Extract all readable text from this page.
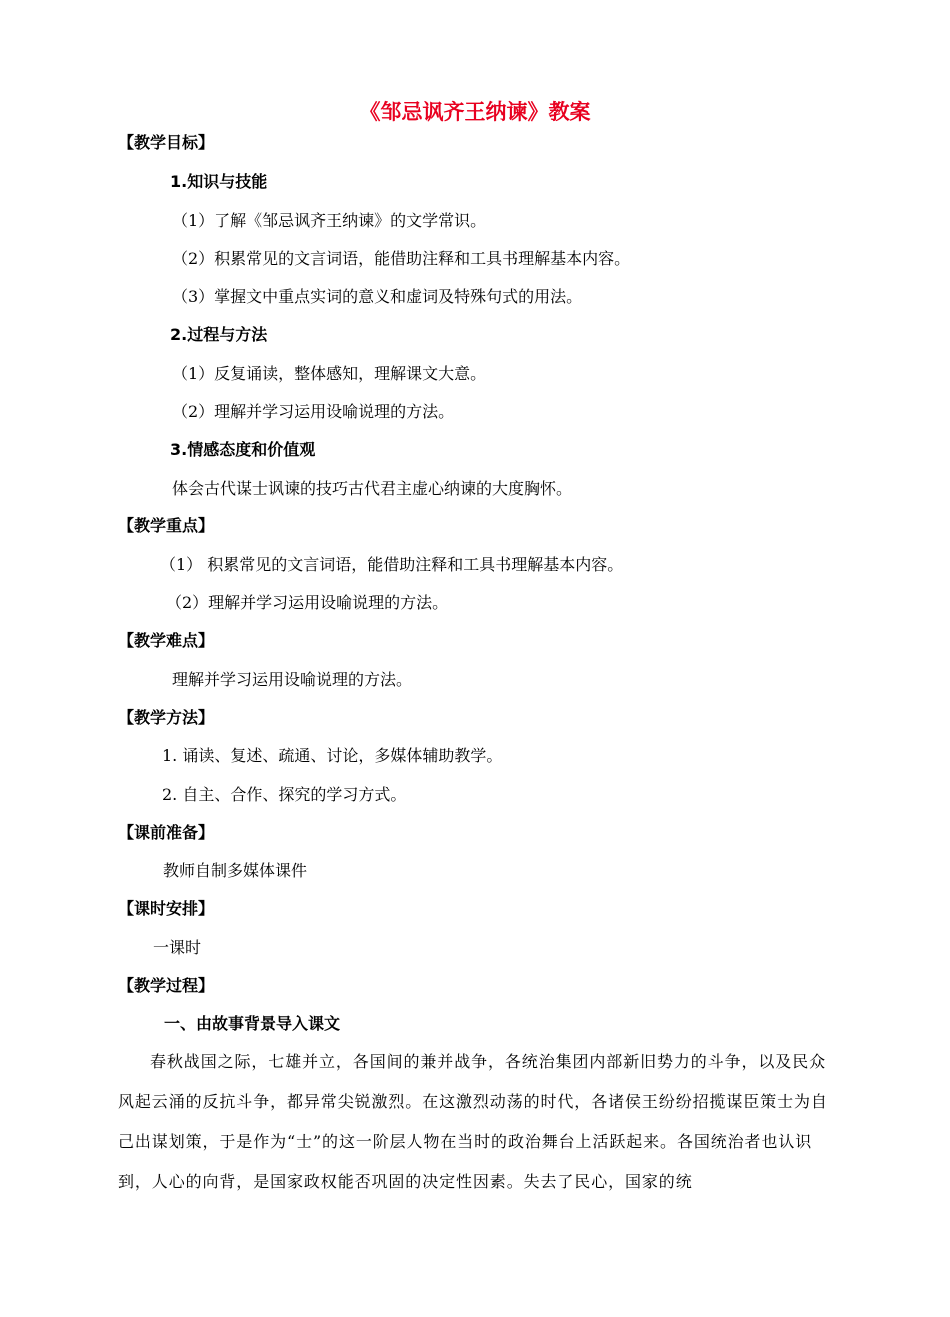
《邹忌讽齐王纳谏》教案
【教学目标】
1.知识与技能
（1）了解《邹忌讽齐王纳谏》的文学常识。
（2）积累常见的文言词语，能借助注释和工具书理解基本内容。
（3）掌握文中重点实词的意义和虚词及特殊句式的用法。
2.过程与方法
（1）反复诵读，整体感知，理解课文大意。
（2）理解并学习运用设喻说理的方法。
3.情感态度和价值观
体会古代谋士讽谏的技巧古代君主虚心纳谏的大度胸怀。
【教学重点】
（1） 积累常见的文言词语，能借助注释和工具书理解基本内容。
（2）理解并学习运用设喻说理的方法。
【教学难点】
理解并学习运用设喻说理的方法。
【教学方法】
1. 诵读、复述、疏通、讨论，多媒体辅助教学。
2. 自主、合作、探究的学习方式。
【课前准备】
教师自制多媒体课件
【课时安排】
一课时
【教学过程】
一、由故事背景导入课文
春秋战国之际，七雄并立，各国间的兼并战争，各统治集团内部新旧势力的斗争，以及民众风起云涌的反抗斗争，都异常尖锐激烈。在这激烈动荡的时代，各诸侯王纷纷招揽谋臣策士为自己出谋划策，于是作为“士”的这一阶层人物在当时的政治舞台上活跃起来。各国统治者也认识到，人心的向背，是国家政权能否巩固的决定性因素。失去了民心，国家的统
